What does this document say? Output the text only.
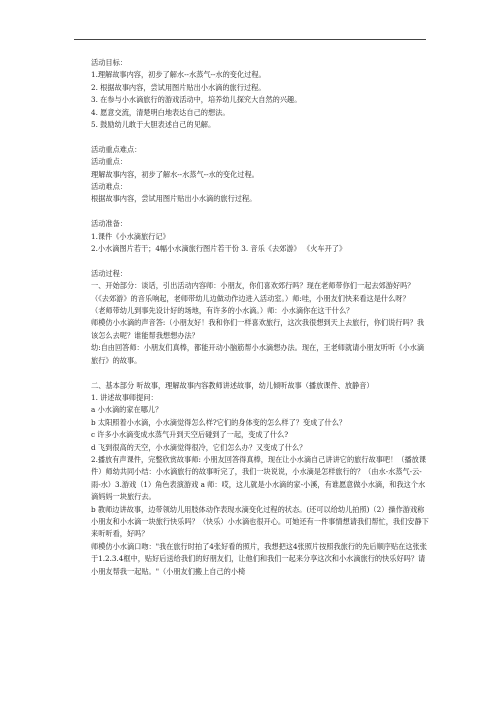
活动目标：

1.理解故事内容，初步了解水--水蒸气--水的变化过程。

2. 根据故事内容，尝试用图片贴出小水滴的旅行过程。

3. 在参与小水滴旅行的游戏活动中，培养幼儿探究大自然的兴趣。

4. 愿意交流，清楚明白地表达自己的想法。

5. 鼓励幼儿敢于大胆表述自己的见解。

活动重点难点：

活动重点：

理解故事内容，初步了解水--水蒸气--水的变化过程。

活动难点：

根据故事内容，尝试用图片贴出小水滴的旅行过程。

活动准备：

1.课件《小水滴旅行记》

2.小水滴图片若干；4幅小水滴旅行图片若干份 3. 音乐《去郊游》 《火车开了》

活动过程：

一、开始部分：谈话，引出活动内容师：小朋友，你们喜欢郊行吗？现在老师带你们一起去郊游好吗？（《去郊游》的音乐响起，老师带幼儿边做动作边进入活动室。）师:哇，小朋友们快来看这是什么呀？

（老师带幼儿到事先设计好的场地，有许多的小水滴。）师：小水滴你在这干什么？

师模仿小水滴的声音答:（小朋友好！我和你们一样喜欢旅行，这次我很想到天上去旅行，你们说行吗？我该怎么去呢？谁能帮我想想办法？

幼:自由回答师：小朋友们真棒，都能开动小脑筋帮小水滴想办法。现在，王老师就请小朋友听听《小水滴旅行》的故事。

二、基本部分 听故事，理解故事内容教师讲述故事，幼儿倾听故事（播放课件、放静音）

1. 讲述故事师提问：

a 小水滴的家在哪儿？

b 太阳照着小水滴，小水滴觉得怎么样?它们的身体变的怎么样了？变成了什么？

c 许多小水滴变成水蒸气升到天空后碰到了一起，变成了什么?

d 飞到很高的天空，小水滴觉得很冷，它们怎么办？又变成了什么？

2.播放有声课件，完整欣赏故事师: 小朋友回答得真棒，现在让小水滴自己讲讲它的旅行故事吧！（播放课件）师幼共同小结：小水滴旅行的故事听完了，我们一块说说，小水滴是怎样旅行的？（由水-水蒸气-云-雨-水）3.游戏（1）角色表演游戏 a 师：哎，这儿就是小水滴的家-小溪，有谁愿意做小水滴，和我这个水滴妈妈一块旅行去。

b 教师边讲故事，边带领幼儿用肢体动作表现水滴变化过程的状态。(还可以给幼儿拍照)（2）操作游戏称 小朋友和小水滴一块旅行快乐吗？（快乐）小水滴也很开心。可她还有一件事情想请我们帮忙，我们安静下来听听看，好吗？

师模仿小水滴口吻："我在旅行时拍了4张好看的照片，我想把这4张照片按照我旅行的先后顺序贴在这张张于1.2.3.4框中，贴好后送给我们的好朋友们，让他们和我们一起来分享这次和小水滴旅行的快乐好吗？请小朋友帮我一起贴。"（小朋友们搬上自己的小椅
